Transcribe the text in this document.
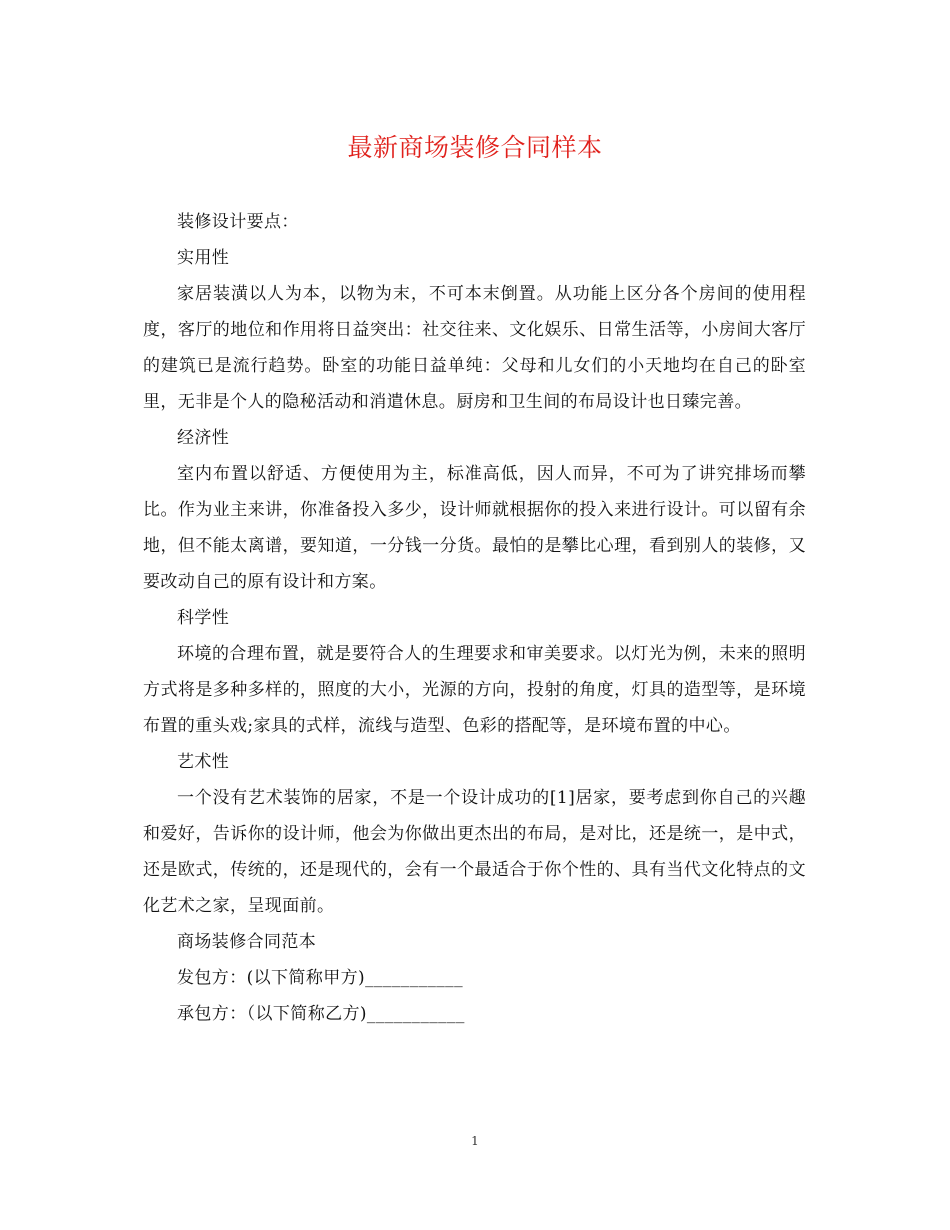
最新商场装修合同样本

装修设计要点：

实用性

家居装潢以人为本，以物为末，不可本末倒置。从功能上区分各个房间的使用程度，客厅的地位和作用将日益突出：社交往来、文化娱乐、日常生活等，小房间大客厅的建筑已是流行趋势。卧室的功能日益单纯：父母和儿女们的小天地均在自己的卧室里，无非是个人的隐秘活动和消遣休息。厨房和卫生间的布局设计也日臻完善。

经济性

室内布置以舒适、方便使用为主，标准高低，因人而异，不可为了讲究排场而攀比。作为业主来讲，你准备投入多少，设计师就根据你的投入来进行设计。可以留有余地，但不能太离谱，要知道，一分钱一分货。最怕的是攀比心理，看到别人的装修，又要改动自己的原有设计和方案。

科学性

环境的合理布置，就是要符合人的生理要求和审美要求。以灯光为例，未来的照明方式将是多种多样的，照度的大小，光源的方向，投射的角度，灯具的造型等，是环境布置的重头戏;家具的式样，流线与造型、色彩的搭配等，是环境布置的中心。

艺术性

一个没有艺术装饰的居家，不是一个设计成功的[1]居家，要考虑到你自己的兴趣和爱好，告诉你的设计师，他会为你做出更杰出的布局，是对比，还是统一，是中式，还是欧式，传统的，还是现代的，会有一个最适合于你个性的、具有当代文化特点的文化艺术之家，呈现面前。

商场装修合同范本

发包方：(以下简称甲方)___________

承包方：（以下简称乙方)___________

1
